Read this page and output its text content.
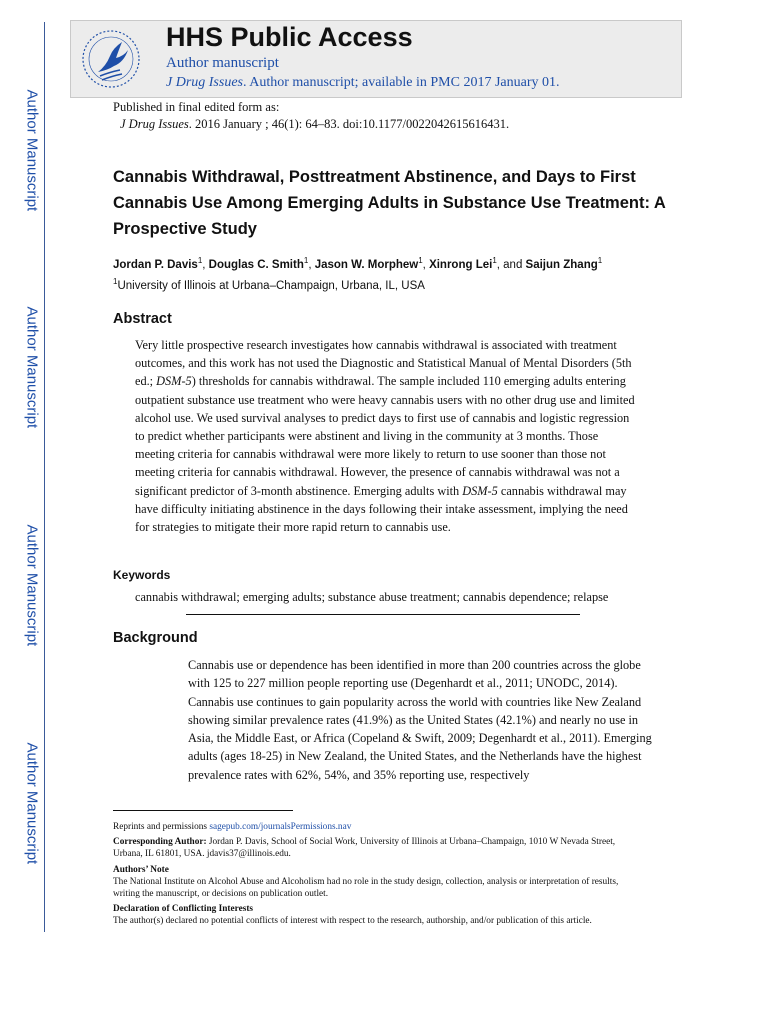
Author Manuscript
Author Manuscript
Author Manuscript
Author Manuscript
HHS Public Access
Author manuscript
J Drug Issues. Author manuscript; available in PMC 2017 January 01.
Published in final edited form as:
J Drug Issues. 2016 January ; 46(1): 64–83. doi:10.1177/0022042615616431.
Cannabis Withdrawal, Posttreatment Abstinence, and Days to First Cannabis Use Among Emerging Adults in Substance Use Treatment: A Prospective Study
Jordan P. Davis$^1$, Douglas C. Smith$^1$, Jason W. Morphew$^1$, Xinrong Lei$^1$, and Saijun Zhang$^1$
$^1$University of Illinois at Urbana–Champaign, Urbana, IL, USA
Abstract
Very little prospective research investigates how cannabis withdrawal is associated with treatment outcomes, and this work has not used the Diagnostic and Statistical Manual of Mental Disorders (5th ed.; DSM-5) thresholds for cannabis withdrawal. The sample included 110 emerging adults entering outpatient substance use treatment who were heavy cannabis users with no other drug use and limited alcohol use. We used survival analyses to predict days to first use of cannabis and logistic regression to predict whether participants were abstinent and living in the community at 3 months. Those meeting criteria for cannabis withdrawal were more likely to return to use sooner than those not meeting criteria for cannabis withdrawal. However, the presence of cannabis withdrawal was not a significant predictor of 3-month abstinence. Emerging adults with DSM-5 cannabis withdrawal may have difficulty initiating abstinence in the days following their intake assessment, implying the need for strategies to mitigate their more rapid return to cannabis use.
Keywords
cannabis withdrawal; emerging adults; substance abuse treatment; cannabis dependence; relapse
Background
Cannabis use or dependence has been identified in more than 200 countries across the globe with 125 to 227 million people reporting use (Degenhardt et al., 2011; UNODC, 2014). Cannabis use continues to gain popularity across the world with countries like New Zealand showing similar prevalence rates (41.9%) as the United States (42.1%) and nearly no use in Asia, the Middle East, or Africa (Copeland & Swift, 2009; Degenhardt et al., 2011). Emerging adults (ages 18-25) in New Zealand, the United States, and the Netherlands have the highest prevalence rates with 62%, 54%, and 35% reporting use, respectively

Reprints and permissions sagepub.com/journalsPermissions.nav

Corresponding Author: Jordan P. Davis, School of Social Work, University of Illinois at Urbana–Champaign, 1010 W Nevada Street, Urbana, IL 61801, USA. jdavis37@illinois.edu.

Authors’ Note

The National Institute on Alcohol Abuse and Alcoholism had no role in the study design, collection, analysis or interpretation of results, writing the manuscript, or decisions on publication outlet.

Declaration of Conflicting Interests

The author(s) declared no potential conflicts of interest with respect to the research, authorship, and/or publication of this article.
